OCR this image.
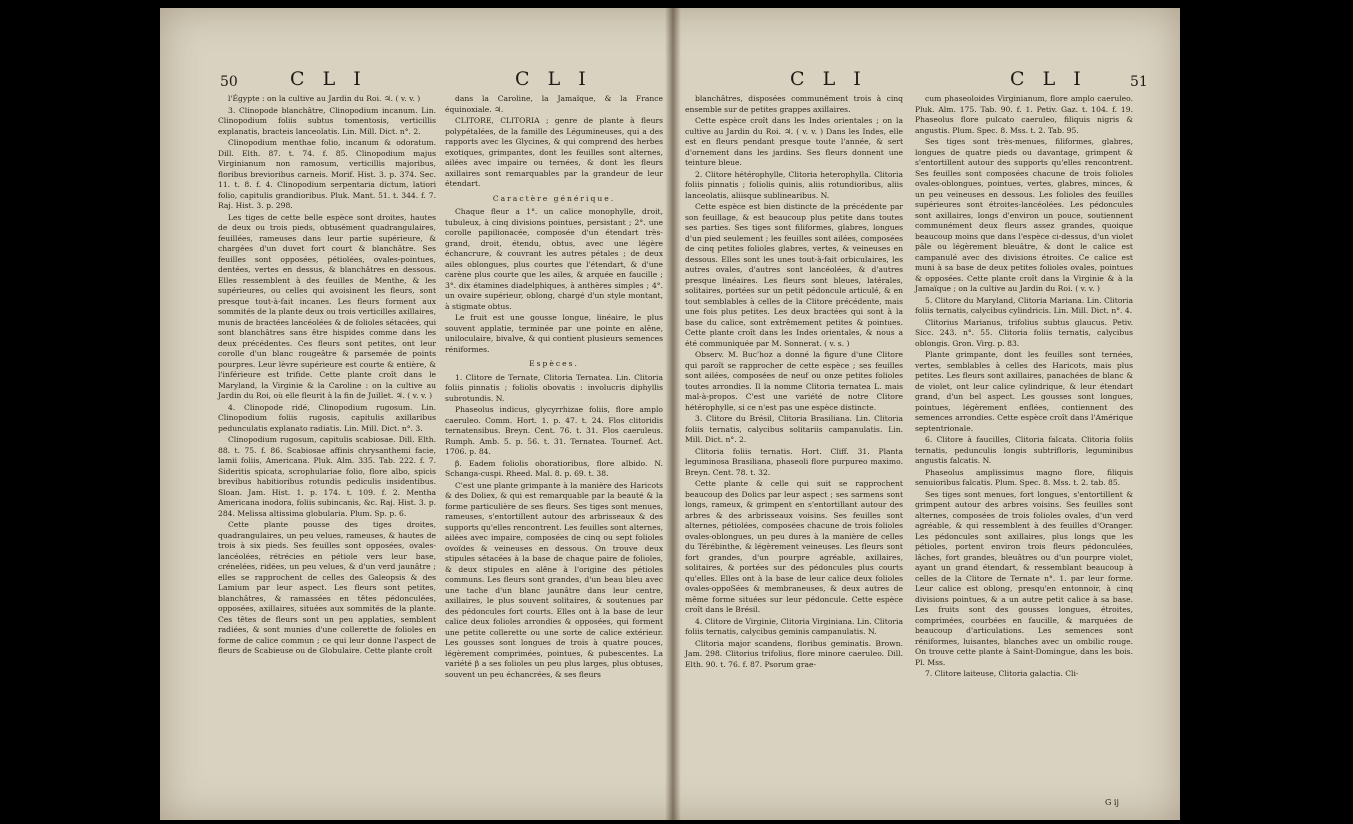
50	C L I	C L I

l'Égypte : on la cultive au Jardin du Roi. ♃. ( v. v. )

3. Clinopode blanchâtre, Clinopodium incanum. Lin. Clinopodium foliis subtus tomentosis, verticillis explanatis, bracteis lanceolatis. Lin. Mill. Dict. n°. 2.

Clinopodium menthae folio, incanum & odoratum. Dill. Elth. 87. t. 74. f. 85. Clinopodium majus Virginianum non ramosum, verticillis majoribus, floribus brevioribus carneis. Morif. Hist. 3. p. 374. Sec. 11. t. 8. f. 4. Clinopodium serpentaria dictum, latiori folio, capitulis grandioribus. Pluk. Mant. 51. t. 344. f. 7. Raj. Hist. 3. p. 298.

Les tiges de cette belle espèce sont droites, hautes de deux ou trois pieds, obtusément quadrangulaires, feuillées, rameuses dans leur partie supérieure, & chargées d'un duvet fort court & blanchâtre. Ses feuilles sont opposées, pétiolées, ovales-pointues, dentées, vertes en dessus, & blanchâtres en dessous. Elles ressemblent à des feuilles de Menthe, & les supérieures, ou celles qui avoisinent les fleurs, sont presque tout-à-fait incanes. Les fleurs forment aux sommités de la plante deux ou trois verticilles axillaires, munis de bractées lancéolées & de folioles sétacées, qui sont blanchâtres sans être hispides comme dans les deux précédentes. Ces fleurs sont petites, ont leur corolle d'un blanc rougeâtre & parsemée de points pourpres. Leur lèvre supérieure est courte & entière, & l'inférieure est trifide. Cette plante croît dans le Maryland, la Virginie & la Caroline : on la cultive au Jardin du Roi, où elle fleurit à la fin de Juillet. ♃. ( v. v. )

4. Clinopode ridé, Clinopodium rugosum. Lin. Clinopodium foliis rugosis, capitulis axillaribus pedunculatis explanato radiatis. Lin. Mill. Dict. n°. 3.

Clinopodium rugosum, capitulis scabiosae. Dill. Elth. 88. t. 75. f. 86. Scabiosae affinis chrysanthemi facie, lamii foliis, Americana. Pluk. Alm. 335. Tab. 222. f. 7. Sideritis spicata, scrophulariae folio, flore albo, spicis brevibus habitioribus rotundis pediculis insidentibus. Sloan. Jam. Hist. 1. p. 174. t. 109. f. 2. Mentha Americana inodora, foliis subincanis, &c. Raj. Hist. 3. p. 284. Melissa altissima globularia. Plum. Sp. p. 6.

Cette plante pousse des tiges droites, quadrangulaires, un peu velues, rameuses, & hautes de trois à six pieds. Ses feuilles sont opposées, ovales-lancéolées, rétrécies en pétiole vers leur base, crénelées, ridées, un peu velues, & d'un verd jaunâtre ; elles se rapprochent de celles des Galeopsis & des Lamium par leur aspect. Les fleurs sont petites, blanchâtres, & ramassées en têtes pédonculées, opposées, axillaires, situées aux sommités de la plante. Ces têtes de fleurs sont un peu applaties, semblent radiées, & sont munies d'une collerette de folioles en forme de calice commun ; ce qui leur donne l'aspect de fleurs de Scabieuse ou de Globulaire. Cette plante croît

dans la Caroline, la Jamaïque, & la France équinoxiale. ♃.

CLITORE, CLITORIA ; genre de plante à fleurs polypétalées, de la famille des Légumineuses, qui a des rapports avec les Glycines, & qui comprend des herbes exotiques, grimpantes, dont les feuilles sont alternes, ailées avec impaire ou ternées, & dont les fleurs axillaires sont remarquables par la grandeur de leur étendart.

Caractère générique.

Chaque fleur a 1°. un calice monophylle, droit, tubuleux, à cinq divisions pointues, persistant ; 2°. une corolle papilionacée, composée d'un étendart très-grand, droit, étendu, obtus, avec une légère échancrure, & couvrant les autres pétales ; de deux ailes oblongues, plus courtes que l'étendart, & d'une carène plus courte que les ailes, & arquée en faucille ; 3°. dix étamines diadelphiques, à anthères simples ; 4°. un ovaire supérieur, oblong, chargé d'un style montant, à stigmate obtus.

Le fruit est une gousse longue, linéaire, le plus souvent applatie, terminée par une pointe en alêne, uniloculaire, bivalve, & qui contient plusieurs semences réniformes.

Espèces.

1. Clitore de Ternate, Clitoria Ternatea. Lin. Clitoria foliis pinnatis ; foliolis obovatis : involucris diphyllis subrotundis. N.

Phaseolus indicus, glycyrrhizae foliis, flore amplo caeruleo. Comm. Hort. 1. p. 47. t. 24. Flos clitoridis ternatensibus. Breyn. Cent. 76. t. 31. Flos caeruleus. Rumph. Amb. 5. p. 56. t. 31. Ternatea. Tournef. Act. 1706. p. 84.

β. Eadem foliolis oboratioribus, flore albido. N. Schanga-cuspi. Rheed. Mal. 8. p. 69. t. 38.

C'est une plante grimpante à la manière des Haricots & des Doliex, & qui est remarquable par la beauté & la forme particulière de ses fleurs. Ses tiges sont menues, rameuses, s'entortillent autour des arbrisseaux & des supports qu'elles rencontrent. Les feuilles sont alternes, ailées avec impaire, composées de cinq ou sept folioles ovoïdes & veineuses en dessous. On trouve deux stipules sétacées à la base de chaque paire de folioles, & deux stipules en alêne à l'origine des pétioles communs. Les fleurs sont grandes, d'un beau bleu avec une tache d'un blanc jaunâtre dans leur centre, axillaires, le plus souvent solitaires, & soutenues par des pédoncules fort courts. Elles ont à la base de leur calice deux folioles arrondies & opposées, qui forment une petite collerette ou une sorte de calice extérieur. Les gousses sont longues de trois à quatre pouces, légèrement comprimées, pointues, & pubescentes. La variété β a ses folioles un peu plus larges, plus obtuses, souvent un peu échancrées, & ses fleurs

C L I	C L I	51

blanchâtres, disposées communément trois à cinq ensemble sur de petites grappes axillaires.

Cette espèce croît dans les Indes orientales ; on la cultive au Jardin du Roi. ♃. ( v. v. ) Dans les Indes, elle est en fleurs pendant presque toute l'année, & sert d'ornement dans les jardins. Ses fleurs donnent une teinture bleue.

2. Clitore hétérophylle, Clitoria heterophylla. Clitoria foliis pinnatis ; foliolis quinis, aliis rotundioribus, aliis lanceolatis, aliisque sublinearibus. N.

Cette espèce est bien distincte de la précédente par son feuillage, & est beaucoup plus petite dans toutes ses parties. Ses tiges sont filiformes, glabres, longues d'un pied seulement ; les feuilles sont ailées, composées de cinq petites folioles glabres, vertes, & veineuses en dessous. Elles sont les unes tout-à-fait orbiculaires, les autres ovales, d'autres sont lancéolées, & d'autres presque linéaires. Les fleurs sont bleues, latérales, solitaires, portées sur un petit pédoncule articulé, & en tout semblables à celles de la Clitore précédente, mais une fois plus petites. Les deux bractées qui sont à la base du calice, sont extrêmement petites & pointues. Cette plante croît dans les Indes orientales, & nous a été communiquée par M. Sonnerat. ( v. s. )

Observ. M. Buc'hoz a donné la figure d'une Clitore qui paroît se rapprocher de cette espèce ; ses feuilles sont ailées, composées de neuf ou onze petites folioles toutes arrondies. Il la nomme Clitoria ternatea L. mais mal-à-propos. C'est une variété de notre Clitore hétérophylle, si ce n'est pas une espèce distincte.

3. Clitore du Brésil, Clitoria Brasiliana. Lin. Clitoria foliis ternatis, calycibus solitariis campanulatis. Lin. Mill. Dict. n°. 2.

Clitoria foliis ternatis. Hort. Cliff. 31. Planta leguminosa Brasiliana, phaseoli flore purpureo maximo. Breyn. Cent. 78. t. 32.

Cette plante & celle qui suit se rapprochent beaucoup des Dolics par leur aspect ; ses sarmens sont longs, rameux, & grimpent en s'entortillant autour des arbres & des arbrisseaux voisins. Ses feuilles sont alternes, pétiolées, composées chacune de trois folioles ovales-oblongues, un peu dures à la manière de celles du Térébinthe, & légèrement veineuses. Les fleurs sont fort grandes, d'un pourpre agréable, axillaires, solitaires, & portées sur des pédoncules plus courts qu'elles. Elles ont à la base de leur calice deux folioles ovales-oppoSées & membraneuses, & deux autres de même forme situées sur leur pédoncule. Cette espèce croît dans le Brésil.

4. Clitore de Virginie, Clitoria Virginiana. Lin. Clitoria foliis ternatis, calycibus geminis campanulatis. N.

Clitoria major scandens, floribus geminatis. Brown. Jam. 298. Clitorius trifolius, flore minore caeruleo. Dill. Elth. 90. t. 76. f. 87. Psorum grae-

cum phaseoloides Virginianum, flore amplo caeruleo. Pluk. Alm. 175. Tab. 90. f. 1. Petiv. Gaz. t. 104. f. 19. Phaseolus flore pulcato caeruleo, filiquis nigris & angustis. Plum. Spec. 8. Mss. t. 2. Tab. 95.

Ses tiges sont très-menues, filiformes, glabres, longues de quatre pieds ou davantage, grimpent & s'entortillent autour des supports qu'elles rencontrent. Ses feuilles sont composées chacune de trois folioles ovales-oblongues, pointues, vertes, glabres, minces, & un peu veineuses en dessous. Les folioles des feuilles supérieures sont étroites-lancéolées. Les pédoncules sont axillaires, longs d'environ un pouce, soutiennent communément deux fleurs assez grandes, quoique beaucoup moins que dans l'espèce ci-dessus, d'un violet pâle ou légèrement bleuâtre, & dont le calice est campanulé avec des divisions étroites. Ce calice est muni à sa base de deux petites folioles ovales, pointues & opposées. Cette plante croît dans la Virginie & à la Jamaïque ; on la cultive au Jardin du Roi. ( v. v. )

5. Clitore du Maryland, Clitoria Mariana. Lin. Clitoria foliis ternatis, calycibus cylindricis. Lin. Mill. Dict. n°. 4.

Clitorius Marianus, trifolius subtus glaucus. Petiv. Sicc. 243. n°. 55. Clitoria foliis ternatis, calycibus oblongis. Gron. Virg. p. 83.

Plante grimpante, dont les feuilles sont ternées, vertes, semblables à celles des Haricots, mais plus petites. Les fleurs sont axillaires, panachées de blanc & de violet, ont leur calice cylindrique, & leur étendart grand, d'un bel aspect. Les gousses sont longues, pointues, légèrement enflées, contiennent des semences arrondies. Cette espèce croît dans l'Amérique septentrionale.

6. Clitore à faucilles, Clitoria falcata. Clitoria foliis ternatis, pedunculis longis subtrifloris, leguminibus angustis falcatis. N.

Phaseolus amplissimus magno flore, filiquis senuioribus falcatis. Plum. Spec. 8. Mss. t. 2. tab. 85.

Ses tiges sont menues, fort longues, s'entortillent & grimpent autour des arbres voisins. Ses feuilles sont alternes, composées de trois folioles ovales, d'un verd agréable, & qui ressemblent à des feuilles d'Oranger. Les pédoncules sont axillaires, plus longs que les pétioles, portent environ trois fleurs pédonculées, lâches, fort grandes, bleuâtres ou d'un pourpre violet, ayant un grand étendart, & ressemblant beaucoup à celles de la Clitore de Ternate n°. 1. par leur forme. Leur calice est oblong, presqu'en entonnoir, à cinq divisions pointues, & a un autre petit calice à sa base. Les fruits sont des gousses longues, étroites, comprimées, courbées en faucille, & marquées de beaucoup d'articulations. Les semences sont réniformes, luisantes, blanches avec un ombilic rouge. On trouve cette plante à Saint-Domingue, dans les bois. Pl. Mss.

7. Clitore laiteuse, Clitoria galactia. Cli-

G ij
